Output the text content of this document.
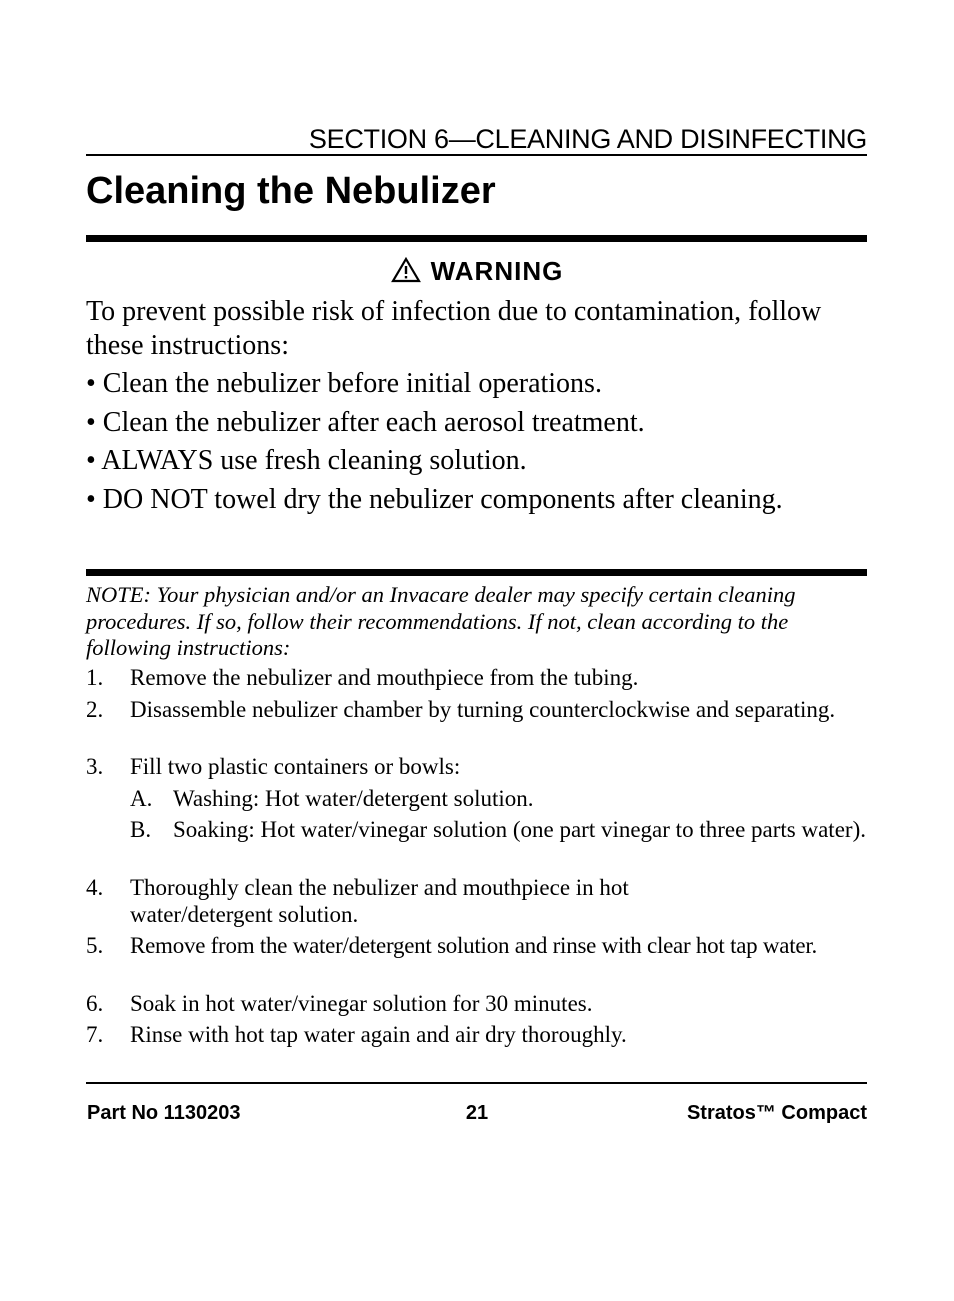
SECTION 6—CLEANING AND DISINFECTING
Cleaning the Nebulizer
WARNING
To prevent possible risk of infection due to contamination, follow these instructions:
• Clean the nebulizer before initial operations.
• Clean the nebulizer after each aerosol treatment.
• ALWAYS use fresh cleaning solution.
• DO NOT towel dry the nebulizer components after cleaning.
NOTE: Your physician and/or an Invacare dealer may specify certain cleaning procedures. If so, follow their recommendations. If not, clean according to the following instructions:
1. Remove the nebulizer and mouthpiece from the tubing.
2. Disassemble nebulizer chamber by turning counterclockwise and separating.
3. Fill two plastic containers or bowls:
A. Washing: Hot water/detergent solution.
B. Soaking: Hot water/vinegar solution (one part vinegar to three parts water).
4. Thoroughly clean the nebulizer and mouthpiece in hot water/detergent solution.
5. Remove from the water/detergent solution and rinse with clear hot tap water.
6. Soak in hot water/vinegar solution for 30 minutes.
7. Rinse with hot tap water again and air dry thoroughly.
Part No 1130203	21	Stratos™ Compact
